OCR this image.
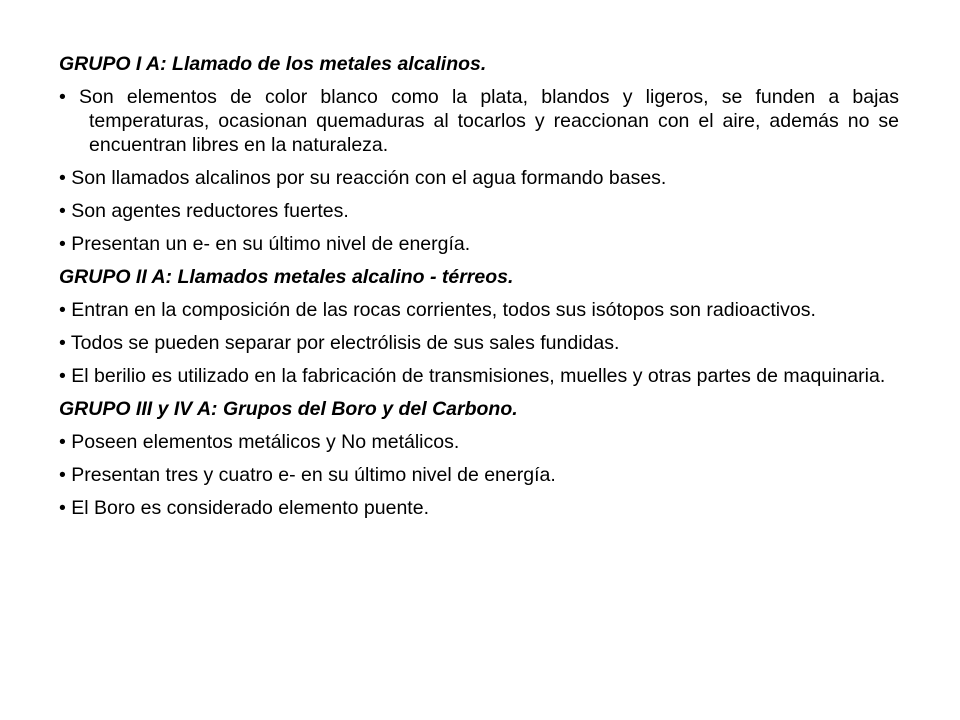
GRUPO I A: Llamado de los metales alcalinos.

• Son elementos de color blanco como la plata, blandos y ligeros, se funden a bajas temperaturas, ocasionan quemaduras al tocarlos y reaccionan con el aire, además no se encuentran libres en la naturaleza.

• Son llamados alcalinos por su reacción con el agua formando bases.

• Son agentes reductores fuertes.

• Presentan un e- en su último nivel de energía.

GRUPO II A: Llamados metales alcalino - térreos.

• Entran en la composición de las rocas corrientes, todos sus isótopos son radioactivos.

• Todos se pueden separar por electrólisis de sus sales fundidas.

• El berilio es utilizado en la fabricación de transmisiones, muelles y otras partes de maquinaria.

GRUPO III y IV A: Grupos del Boro y del Carbono.

• Poseen elementos metálicos y No metálicos.

• Presentan tres y cuatro e- en su último nivel de energía.

• El Boro es considerado elemento puente.
